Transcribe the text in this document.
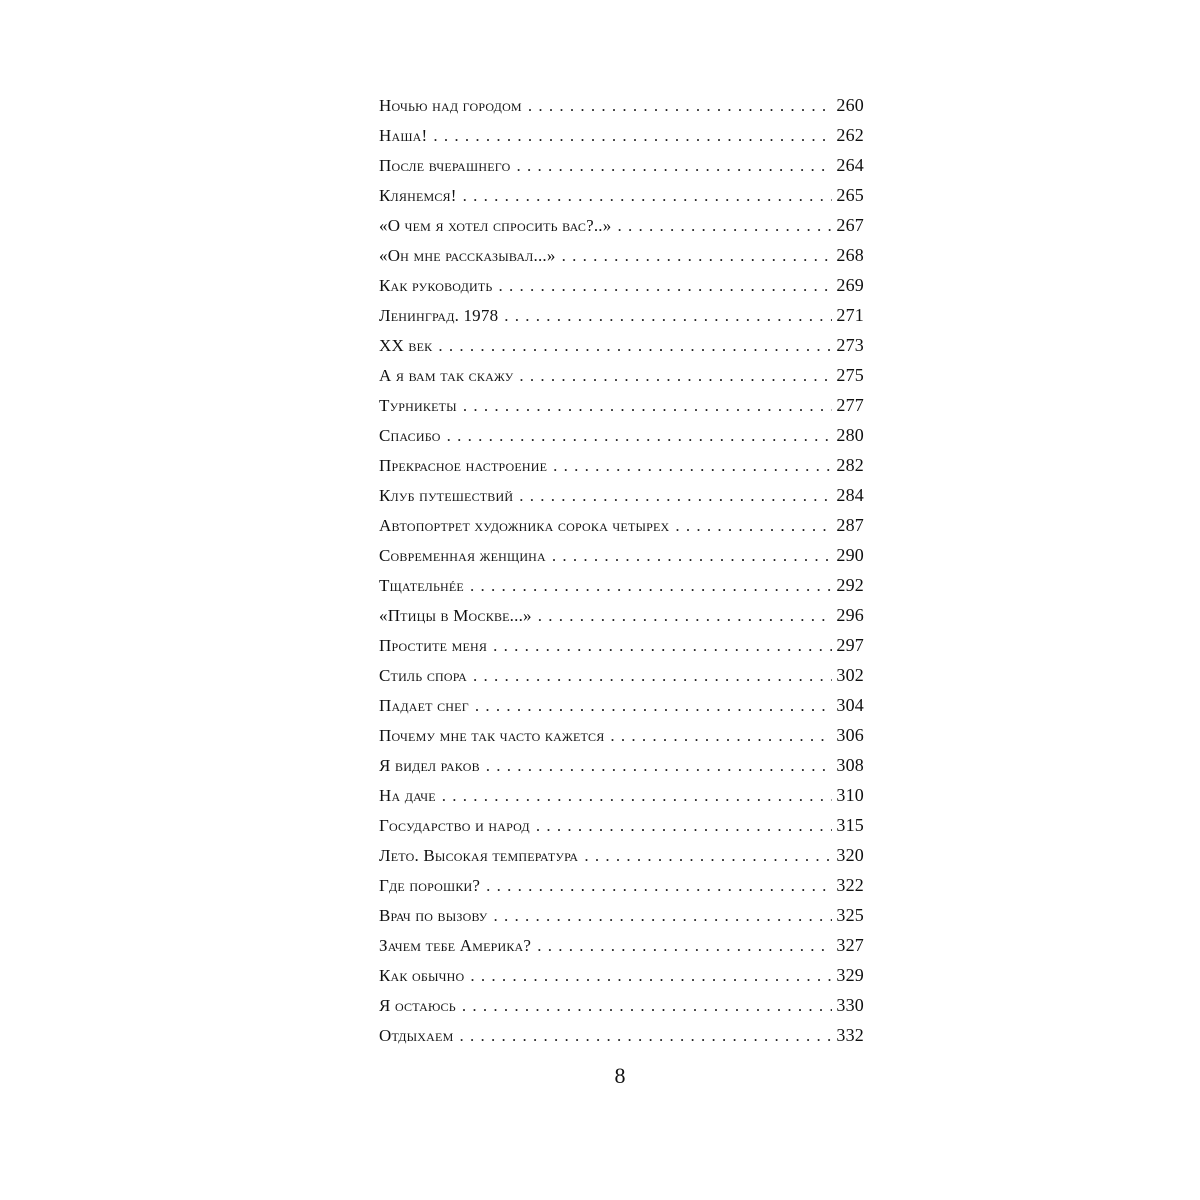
Ночью над городом . . .	260
Наша! . . .	262
После вчерашнего . . .	264
Клянемся! . . .	265
«О чем я хотел спросить вас?..» . . .	267
«Он мне рассказывал...» . . .	268
Как руководить . . .	269
Ленинград. 1978 . . .	271
XX век . . .	273
А я вам так скажу . . .	275
Турникеты . . .	277
Спасибо . . .	280
Прекрасное настроение . . .	282
Клуб путешествий . . .	284
Автопортрет художника сорока четырех . . .	287
Современная женщина . . .	290
Тщательнéе . . .	292
«Птицы в Москве...» . . .	296
Простите меня . . .	297
Стиль спора . . .	302
Падает снег . . .	304
Почему мне так часто кажется . . .	306
Я видел раков . . .	308
На даче . . .	310
Государство и народ . . .	315
Лето. Высокая температура . . .	320
Где порошки? . . .	322
Врач по вызову . . .	325
Зачем тебе Америка? . . .	327
Как обычно . . .	329
Я остаюсь . . .	330
Отдыхаем . . .	332
8
